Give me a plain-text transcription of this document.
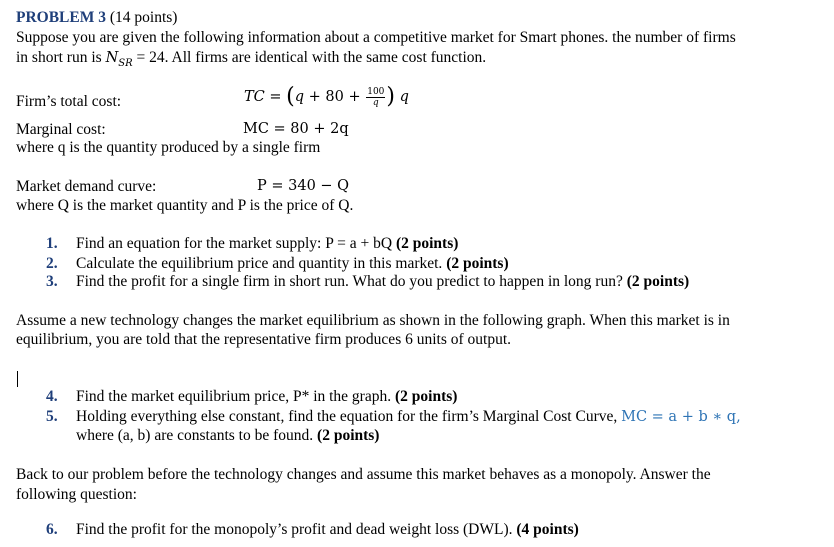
PROBLEM 3 (14 points)
Suppose you are given the following information about a competitive market for Smart phones. the number of firms
in short run is $N_{SR} = 24$. All firms are identical with the same cost function.
Firm’s total cost:	TC = ($q + 80 + \frac{100}{q}$ ) q
Marginal cost:	MC = 80 + 2q
where q is the quantity produced by a single firm
Market demand curve:	P = 340 − Q
where Q is the market quantity and P is the price of Q.
1. Find an equation for the market supply: P = a + bQ (2 points)
2. Calculate the equilibrium price and quantity in this market. (2 points)
3. Find the profit for a single firm in short run. What do you predict to happen in long run? (2 points)
Assume a new technology changes the market equilibrium as shown in the following graph. When this market is in
equilibrium, you are told that the representative firm produces 6 units of output.
4. Find the market equilibrium price, P* in the graph. (2 points)
5. Holding everything else constant, find the equation for the firm’s Marginal Cost Curve, MC = a + b ∗ q,
where (a, b) are constants to be found. (2 points)
Back to our problem before the technology changes and assume this market behaves as a monopoly. Answer the
following question:
6. Find the profit for the monopoly’s profit and dead weight loss (DWL). (4 points)
